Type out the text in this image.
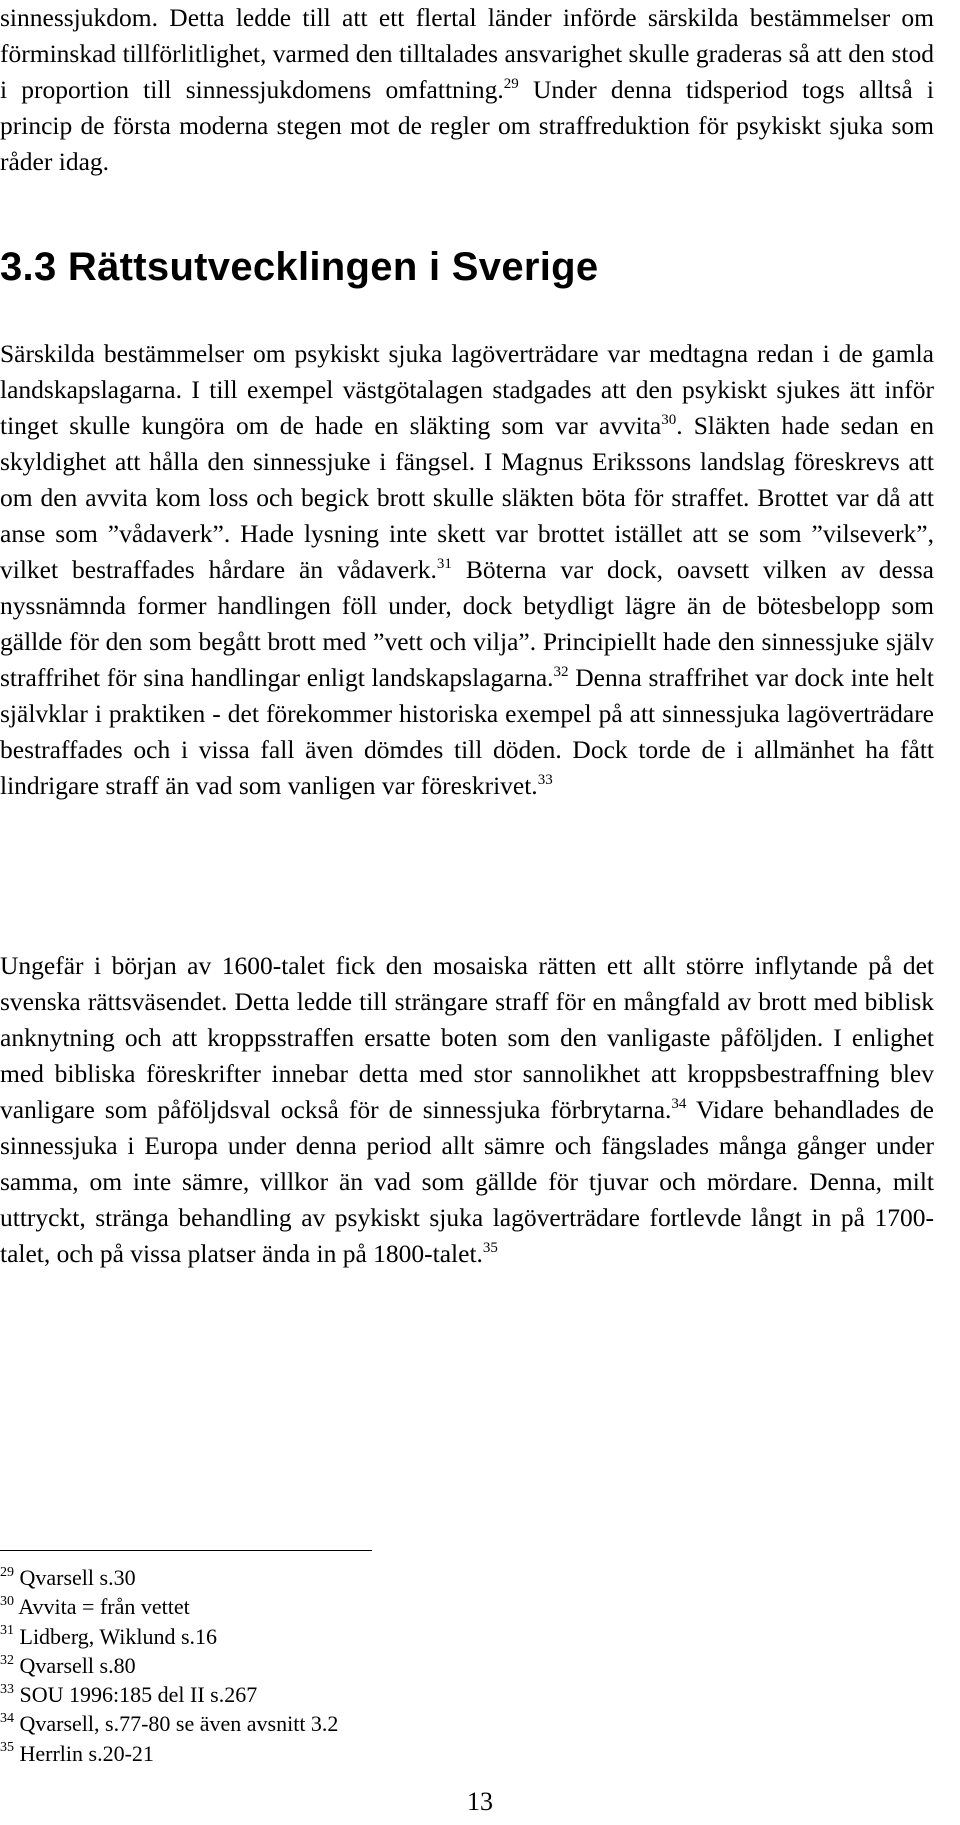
sinnessjukdom. Detta ledde till att ett flertal länder införde särskilda bestämmelser om förminskad tillförlitlighet, varmed den tilltalades ansvarighet skulle graderas så att den stod i proportion till sinnessjukdomens omfattning.$^{29}$ Under denna tidsperiod togs alltså i princip de första moderna stegen mot de regler om straffreduktion för psykiskt sjuka som råder idag.

3.3 Rättsutvecklingen i Sverige

Särskilda bestämmelser om psykiskt sjuka lagöverträdare var medtagna redan i de gamla landskapslagarna. I till exempel västgötalagen stadgades att den psykiskt sjukes ätt inför tinget skulle kungöra om de hade en släkting som var avvita$^{30}$. Släkten hade sedan en skyldighet att hålla den sinnessjuke i fängsel. I Magnus Erikssons landslag föreskrevs att om den avvita kom loss och begick brott skulle släkten böta för straffet. Brottet var då att anse som ”vådaverk”. Hade lysning inte skett var brottet istället att se som ”vilseverk”, vilket bestraffades hårdare än vådaverk.$^{31}$ Böterna var dock, oavsett vilken av dessa nyssnämnda former handlingen föll under, dock betydligt lägre än de bötesbelopp som gällde för den som begått brott med ”vett och vilja”. Principiellt hade den sinnessjuke själv straffrihet för sina handlingar enligt landskapslagarna.$^{32}$ Denna straffrihet var dock inte helt självklar i praktiken - det förekommer historiska exempel på att sinnessjuka lagöverträdare bestraffades och i vissa fall även dömdes till döden. Dock torde de i allmänhet ha fått lindrigare straff än vad som vanligen var föreskrivet.$^{33}$

Ungefär i början av 1600-talet fick den mosaiska rätten ett allt större inflytande på det svenska rättsväsendet. Detta ledde till strängare straff för en mångfald av brott med biblisk anknytning och att kroppsstraffen ersatte boten som den vanligaste påföljden. I enlighet med bibliska föreskrifter innebar detta med stor sannolikhet att kroppsbestraffning blev vanligare som påföljdsval också för de sinnessjuka förbrytarna.$^{34}$ Vidare behandlades de sinnessjuka i Europa under denna period allt sämre och fängslades många gånger under samma, om inte sämre, villkor än vad som gällde för tjuvar och mördare. Denna, milt uttryckt, stränga behandling av psykiskt sjuka lagöverträdare fortlevde långt in på 1700-talet, och på vissa platser ända in på 1800-talet.$^{35}$

$^{29}$ Qvarsell s.30

$^{30}$ Avvita = från vettet

$^{31}$ Lidberg, Wiklund s.16

$^{32}$ Qvarsell s.80

$^{33}$ SOU 1996:185 del II s.267

$^{34}$ Qvarsell, s.77-80 se även avsnitt 3.2

$^{35}$ Herrlin s.20-21

13
